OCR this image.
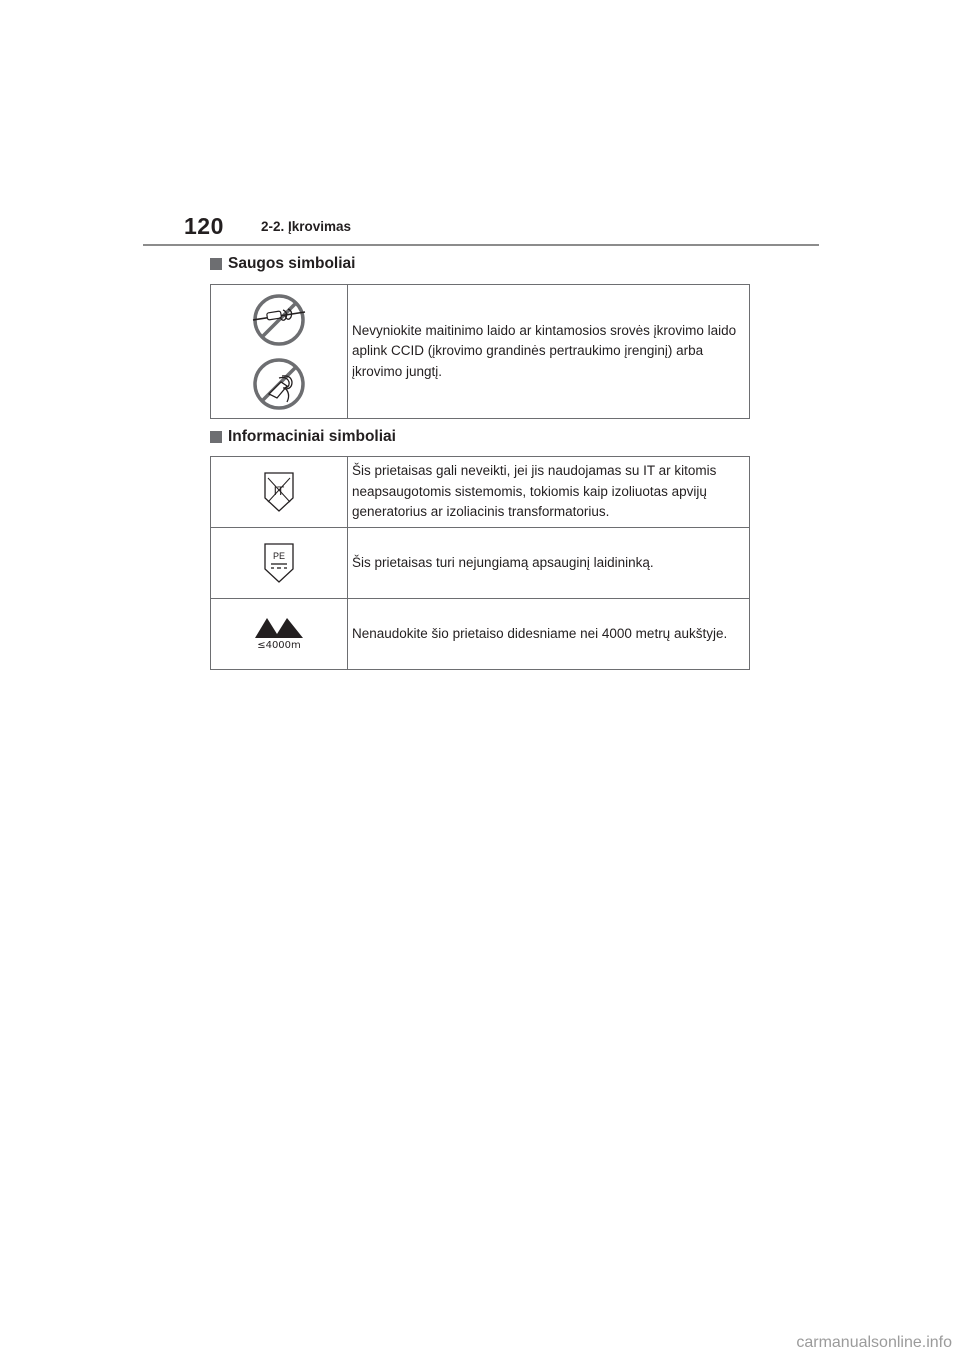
120	2-2. Įkrovimas
Saugos simboliai
	Nevyniokite maitinimo laido ar kintamosios srovės įkrovimo laido aplink CCID (įkrovimo grandinės pertraukimo įrenginį) arba įkrovimo jungtį.
Informaciniai simboliai
IT	Šis prietaisas gali neveikti, jei jis naudojamas su IT ar kitomis neapsaugotomis sistemomis, tokiomis kaip izoliuotas apvijų generatorius ar izoliacinis transformatorius.

PE	Šis prietaisas turi nejungiamą apsauginį laidininką.

≤4000m	Nenaudokite šio prietaiso didesniame nei 4000 metrų aukštyje.
carmanualsonline.info
